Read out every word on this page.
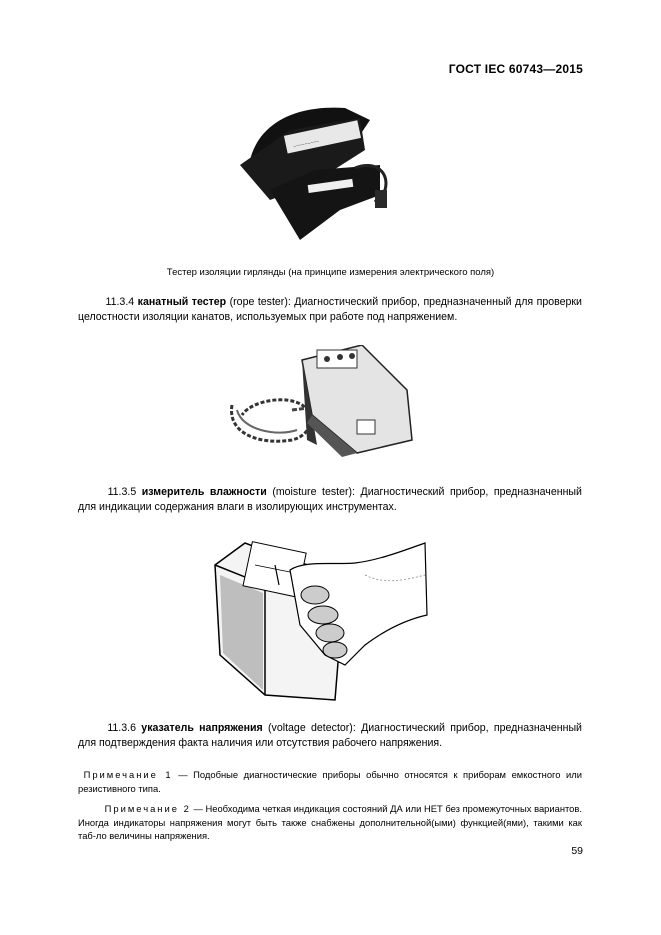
ГОСТ IEC 60743—2015
~~~~~~~~~
Тестер изоляции гирлянды (на принципе измерения электрического поля)
11.3.4 канатный тестер (rope tester): Диагностический прибор, предназначенный для проверки целостности изоляции канатов, используемых при работе под напряжением.
11.3.5 измеритель влажности (moisture tester): Диагностический прибор, предназначенный для индикации содержания влаги в изолирующих инструментах.
11.3.6 указатель напряжения (voltage detector): Диагностический прибор, предназначенный для подтверждения факта наличия или отсутствия рабочего напряжения.
Примечание 1 — Подобные диагностические приборы обычно относятся к приборам емкостного или резистивного типа.
Примечание 2 — Необходима четкая индикация состояний ДА или НЕТ без промежуточных вариантов. Иногда индикаторы напряжения могут быть также снабжены дополнительной(ыми) функцией(ями), такими как таб-ло величины напряжения.
59
